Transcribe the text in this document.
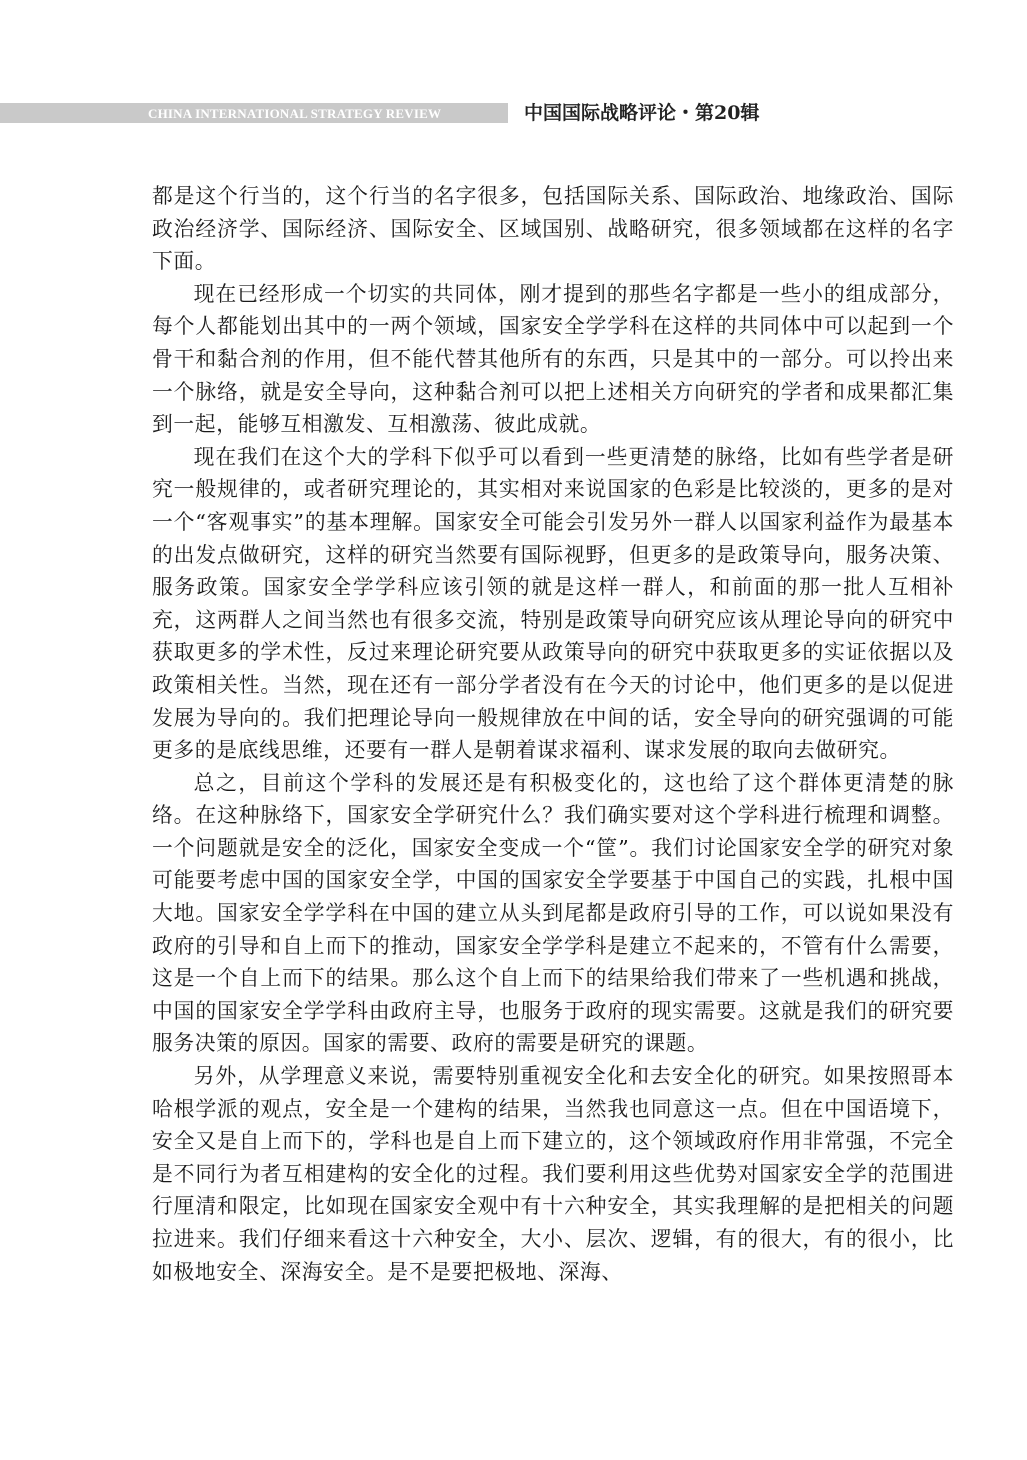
CHINA INTERNATIONAL STRATEGY REVIEW	中国国际战略评论・第20辑

都是这个行当的，这个行当的名字很多，包括国际关系、国际政治、地缘政治、国际政治经济学、国际经济、国际安全、区域国别、战略研究，很多领域都在这样的名字下面。

现在已经形成一个切实的共同体，刚才提到的那些名字都是一些小的组成部分，每个人都能划出其中的一两个领域，国家安全学学科在这样的共同体中可以起到一个骨干和黏合剂的作用，但不能代替其他所有的东西，只是其中的一部分。可以拎出来一个脉络，就是安全导向，这种黏合剂可以把上述相关方向研究的学者和成果都汇集到一起，能够互相激发、互相激荡、彼此成就。

现在我们在这个大的学科下似乎可以看到一些更清楚的脉络，比如有些学者是研究一般规律的，或者研究理论的，其实相对来说国家的色彩是比较淡的，更多的是对一个“客观事实”的基本理解。国家安全可能会引发另外一群人以国家利益作为最基本的出发点做研究，这样的研究当然要有国际视野，但更多的是政策导向，服务决策、服务政策。国家安全学学科应该引领的就是这样一群人，和前面的那一批人互相补充，这两群人之间当然也有很多交流，特别是政策导向研究应该从理论导向的研究中获取更多的学术性，反过来理论研究要从政策导向的研究中获取更多的实证依据以及政策相关性。当然，现在还有一部分学者没有在今天的讨论中，他们更多的是以促进发展为导向的。我们把理论导向一般规律放在中间的话，安全导向的研究强调的可能更多的是底线思维，还要有一群人是朝着谋求福利、谋求发展的取向去做研究。

总之，目前这个学科的发展还是有积极变化的，这也给了这个群体更清楚的脉络。在这种脉络下，国家安全学研究什么？我们确实要对这个学科进行梳理和调整。一个问题就是安全的泛化，国家安全变成一个“筐”。我们讨论国家安全学的研究对象可能要考虑中国的国家安全学，中国的国家安全学要基于中国自己的实践，扎根中国大地。国家安全学学科在中国的建立从头到尾都是政府引导的工作，可以说如果没有政府的引导和自上而下的推动，国家安全学学科是建立不起来的，不管有什么需要，这是一个自上而下的结果。那么这个自上而下的结果给我们带来了一些机遇和挑战，中国的国家安全学学科由政府主导，也服务于政府的现实需要。这就是我们的研究要服务决策的原因。国家的需要、政府的需要是研究的课题。

另外，从学理意义来说，需要特别重视安全化和去安全化的研究。如果按照哥本哈根学派的观点，安全是一个建构的结果，当然我也同意这一点。但在中国语境下，安全又是自上而下的，学科也是自上而下建立的，这个领域政府作用非常强，不完全是不同行为者互相建构的安全化的过程。我们要利用这些优势对国家安全学的范围进行厘清和限定，比如现在国家安全观中有十六种安全，其实我理解的是把相关的问题拉进来。我们仔细来看这十六种安全，大小、层次、逻辑，有的很大，有的很小，比如极地安全、深海安全。是不是要把极地、深海、
